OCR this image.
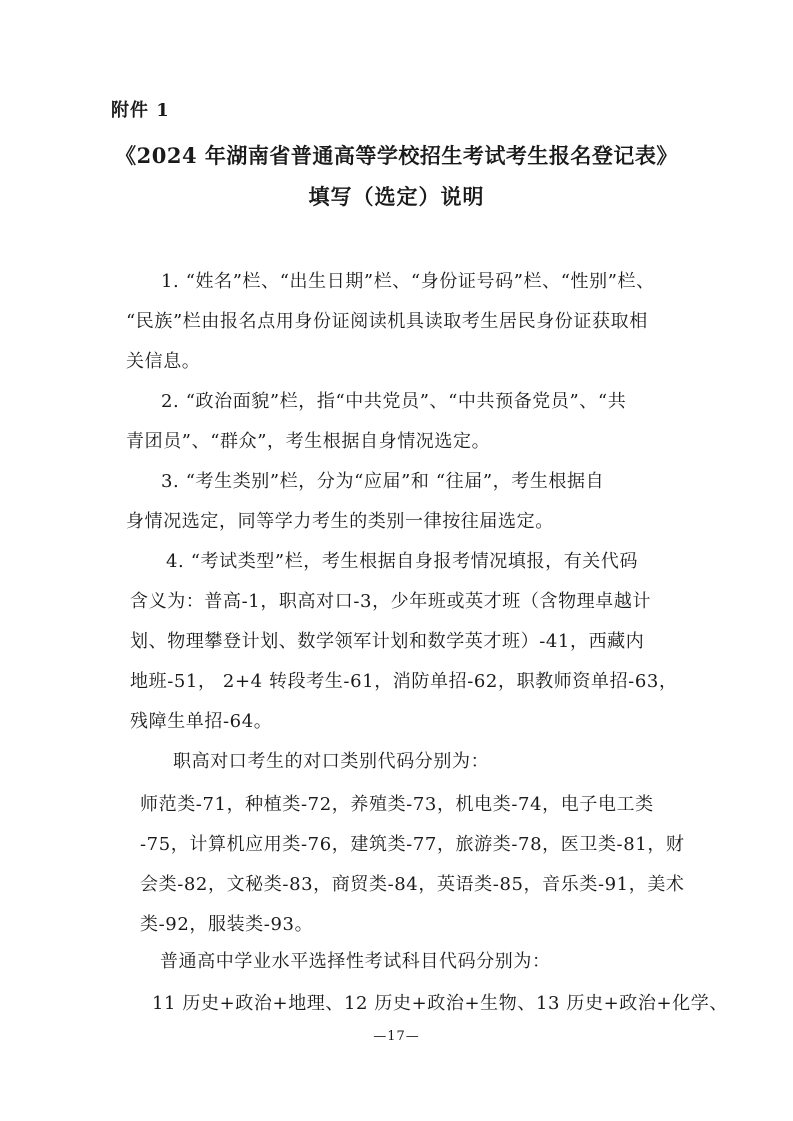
附件 1
《2024 年湖南省普通高等学校招生考试考生报名登记表》
填写（选定）说明
1. “姓名”栏、“出生日期”栏、“身份证号码”栏、“性别”栏、
“民族”栏由报名点用身份证阅读机具读取考生居民身份证获取相
关信息。
2. “政治面貌”栏，指“中共党员”、“中共预备党员”、“共
青团员”、“群众”，考生根据自身情况选定。
3. “考生类别”栏，分为“应届”和 “往届”，考生根据自
身情况选定，同等学力考生的类别一律按往届选定。
4. “考试类型”栏，考生根据自身报考情况填报，有关代码
含义为：普高-1，职高对口-3，少年班或英才班（含物理卓越计
划、物理攀登计划、数学领军计划和数学英才班）-41，西藏内
地班-51， 2+4 转段考生-61，消防单招-62，职教师资单招-63，
残障生单招-64。
职高对口考生的对口类别代码分别为：
师范类-71，种植类-72，养殖类-73，机电类-74，电子电工类
-75，计算机应用类-76，建筑类-77，旅游类-78，医卫类-81，财
会类-82，文秘类-83，商贸类-84，英语类-85，音乐类-91，美术
类-92，服装类-93。
普通高中学业水平选择性考试科目代码分别为：
11 历史+政治+地理、12 历史+政治+生物、13 历史+政治+化学、
—17—
